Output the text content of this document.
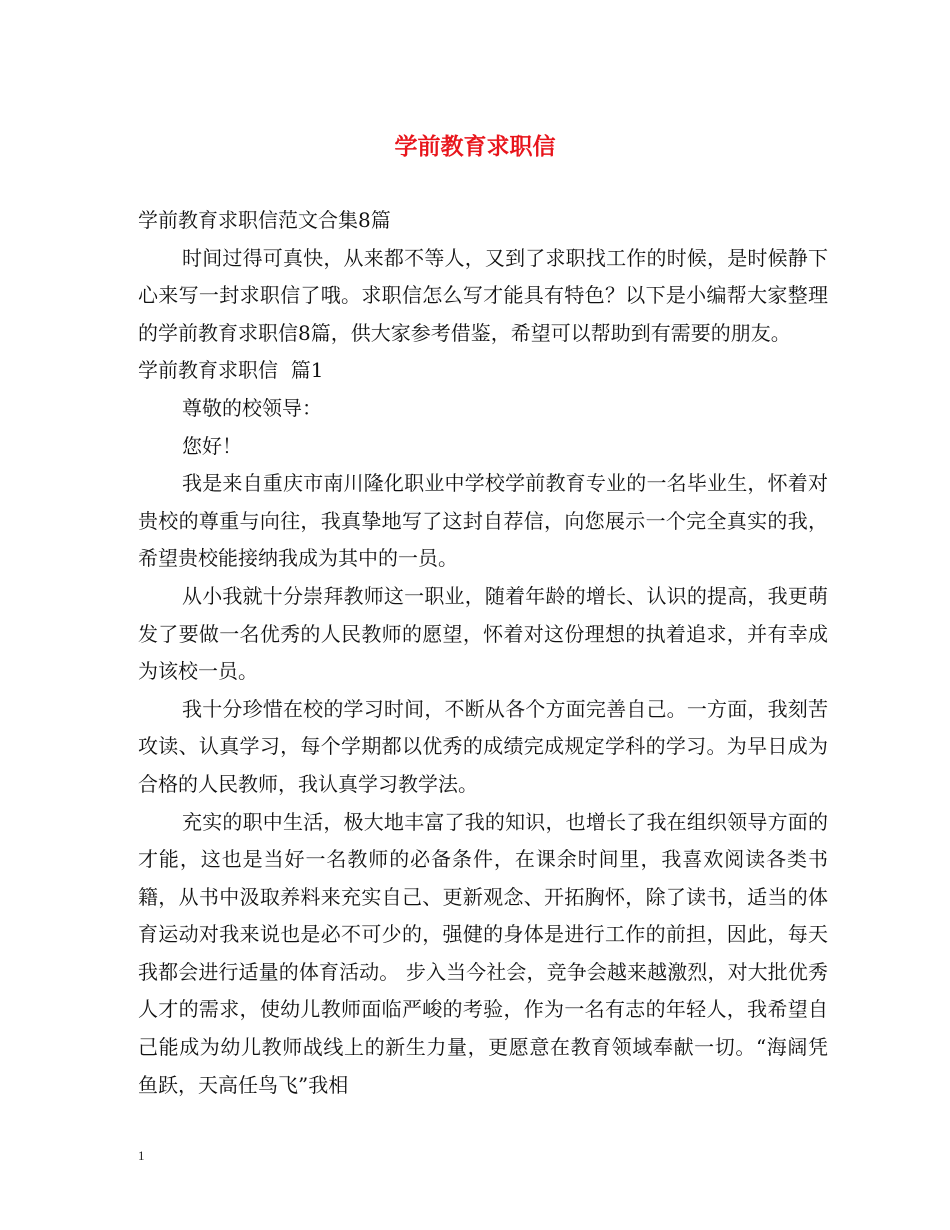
学前教育求职信

学前教育求职信范文合集8篇

时间过得可真快，从来都不等人，又到了求职找工作的时候，是时候静下心来写一封求职信了哦。求职信怎么写才能具有特色？以下是小编帮大家整理的学前教育求职信8篇，供大家参考借鉴，希望可以帮助到有需要的朋友。

学前教育求职信  篇1

尊敬的校领导：

您好！

我是来自重庆市南川隆化职业中学校学前教育专业的一名毕业生，怀着对贵校的尊重与向往，我真挚地写了这封自荐信，向您展示一个完全真实的我，希望贵校能接纳我成为其中的一员。

从小我就十分崇拜教师这一职业，随着年龄的增长、认识的提高，我更萌发了要做一名优秀的人民教师的愿望，怀着对这份理想的执着追求，并有幸成为该校一员。

我十分珍惜在校的学习时间，不断从各个方面完善自己。一方面，我刻苦攻读、认真学习，每个学期都以优秀的成绩完成规定学科的学习。为早日成为合格的人民教师，我认真学习教学法。

充实的职中生活，极大地丰富了我的知识，也增长了我在组织领导方面的才能，这也是当好一名教师的必备条件，在课余时间里，我喜欢阅读各类书籍，从书中汲取养料来充实自己、更新观念、开拓胸怀，除了读书，适当的体育运动对我来说也是必不可少的，强健的身体是进行工作的前担，因此，每天我都会进行适量的体育活动。 步入当今社会，竞争会越来越激烈，对大批优秀人才的需求，使幼儿教师面临严峻的考验，作为一名有志的年轻人，我希望自己能成为幼儿教师战线上的新生力量，更愿意在教育领域奉献一切。“海阔凭鱼跃，天高任鸟飞”我相

1
